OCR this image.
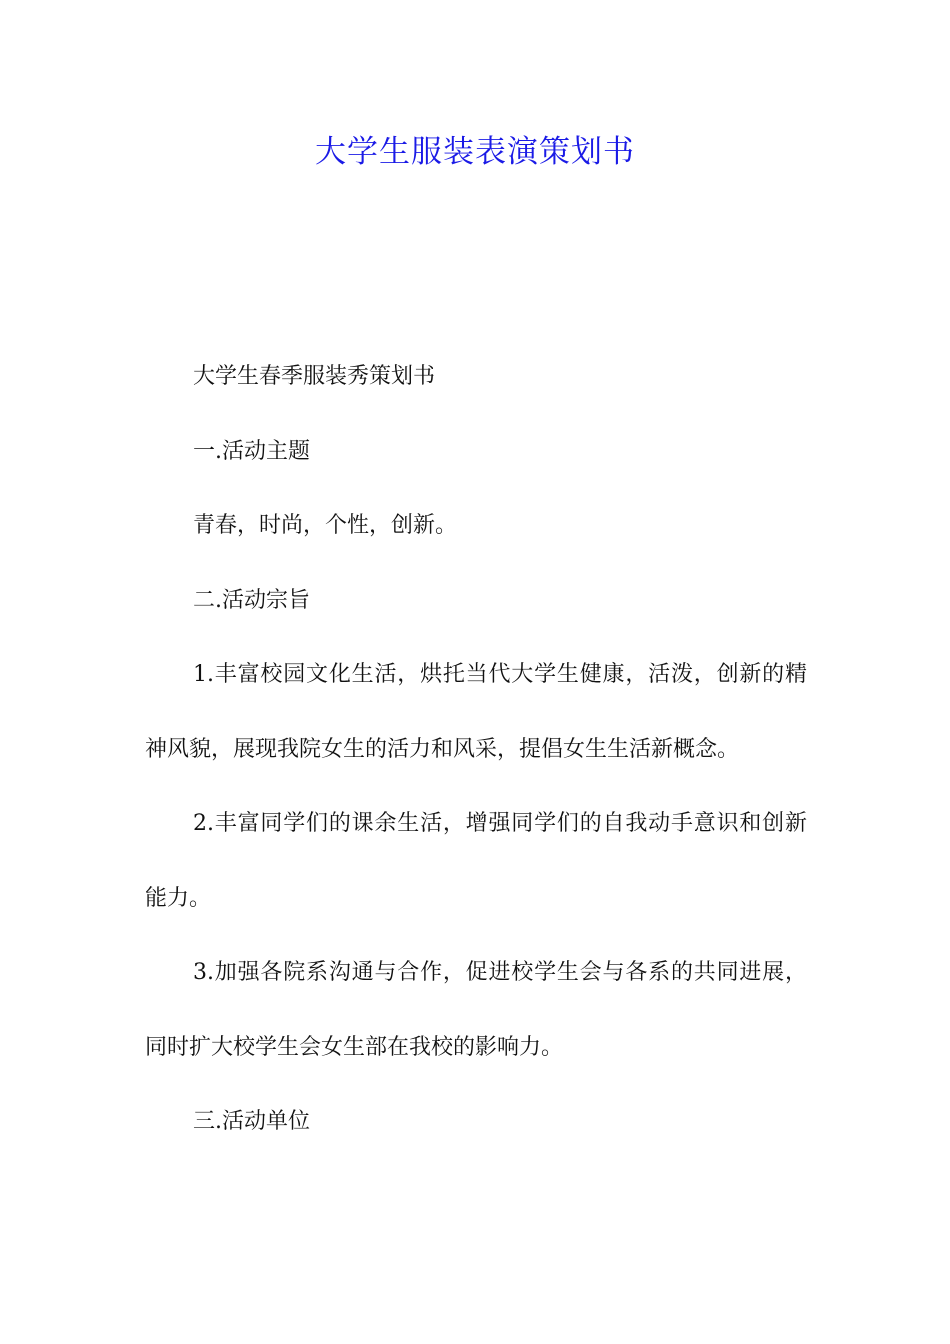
大学生服装表演策划书

大学生春季服装秀策划书

一.活动主题

青春，时尚，个性，创新。

二.活动宗旨

1.丰富校园文化生活，烘托当代大学生健康，活泼，创新的精神风貌，展现我院女生的活力和风采，提倡女生生活新概念。

2.丰富同学们的课余生活，增强同学们的自我动手意识和创新能力。

3.加强各院系沟通与合作，促进校学生会与各系的共同进展，同时扩大校学生会女生部在我校的影响力。

三.活动单位
